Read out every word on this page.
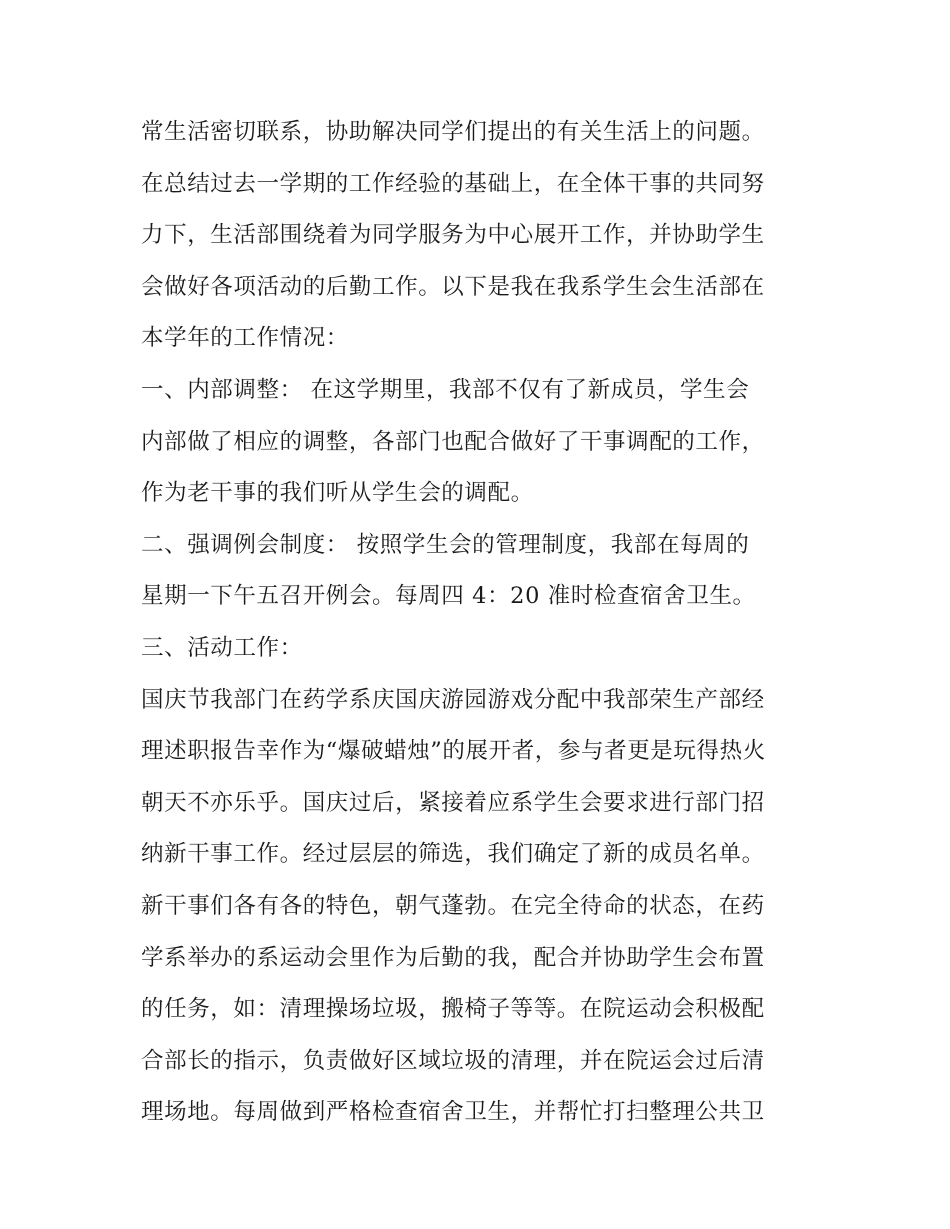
常生活密切联系，协助解决同学们提出的有关生活上的问题。
在总结过去一学期的工作经验的基础上，在全体干事的共同努
力下，生活部围绕着为同学服务为中心展开工作，并协助学生
会做好各项活动的后勤工作。以下是我在我系学生会生活部在
本学年的工作情况：
一、内部调整： 在这学期里，我部不仅有了新成员，学生会
内部做了相应的调整，各部门也配合做好了干事调配的工作，
作为老干事的我们听从学生会的调配。
二、强调例会制度： 按照学生会的管理制度，我部在每周的
星期一下午五召开例会。每周四 4：20 准时检查宿舍卫生。
三、活动工作：
国庆节我部门在药学系庆国庆游园游戏分配中我部荣生产部经
理述职报告幸作为“爆破蜡烛”的展开者，参与者更是玩得热火
朝天不亦乐乎。国庆过后，紧接着应系学生会要求进行部门招
纳新干事工作。经过层层的筛选，我们确定了新的成员名单。
新干事们各有各的特色，朝气蓬勃。在完全待命的状态，在药
学系举办的系运动会里作为后勤的我，配合并协助学生会布置
的任务，如：清理操场垃圾，搬椅子等等。在院运动会积极配
合部长的指示，负责做好区域垃圾的清理，并在院运会过后清
理场地。每周做到严格检查宿舍卫生，并帮忙打扫整理公共卫
